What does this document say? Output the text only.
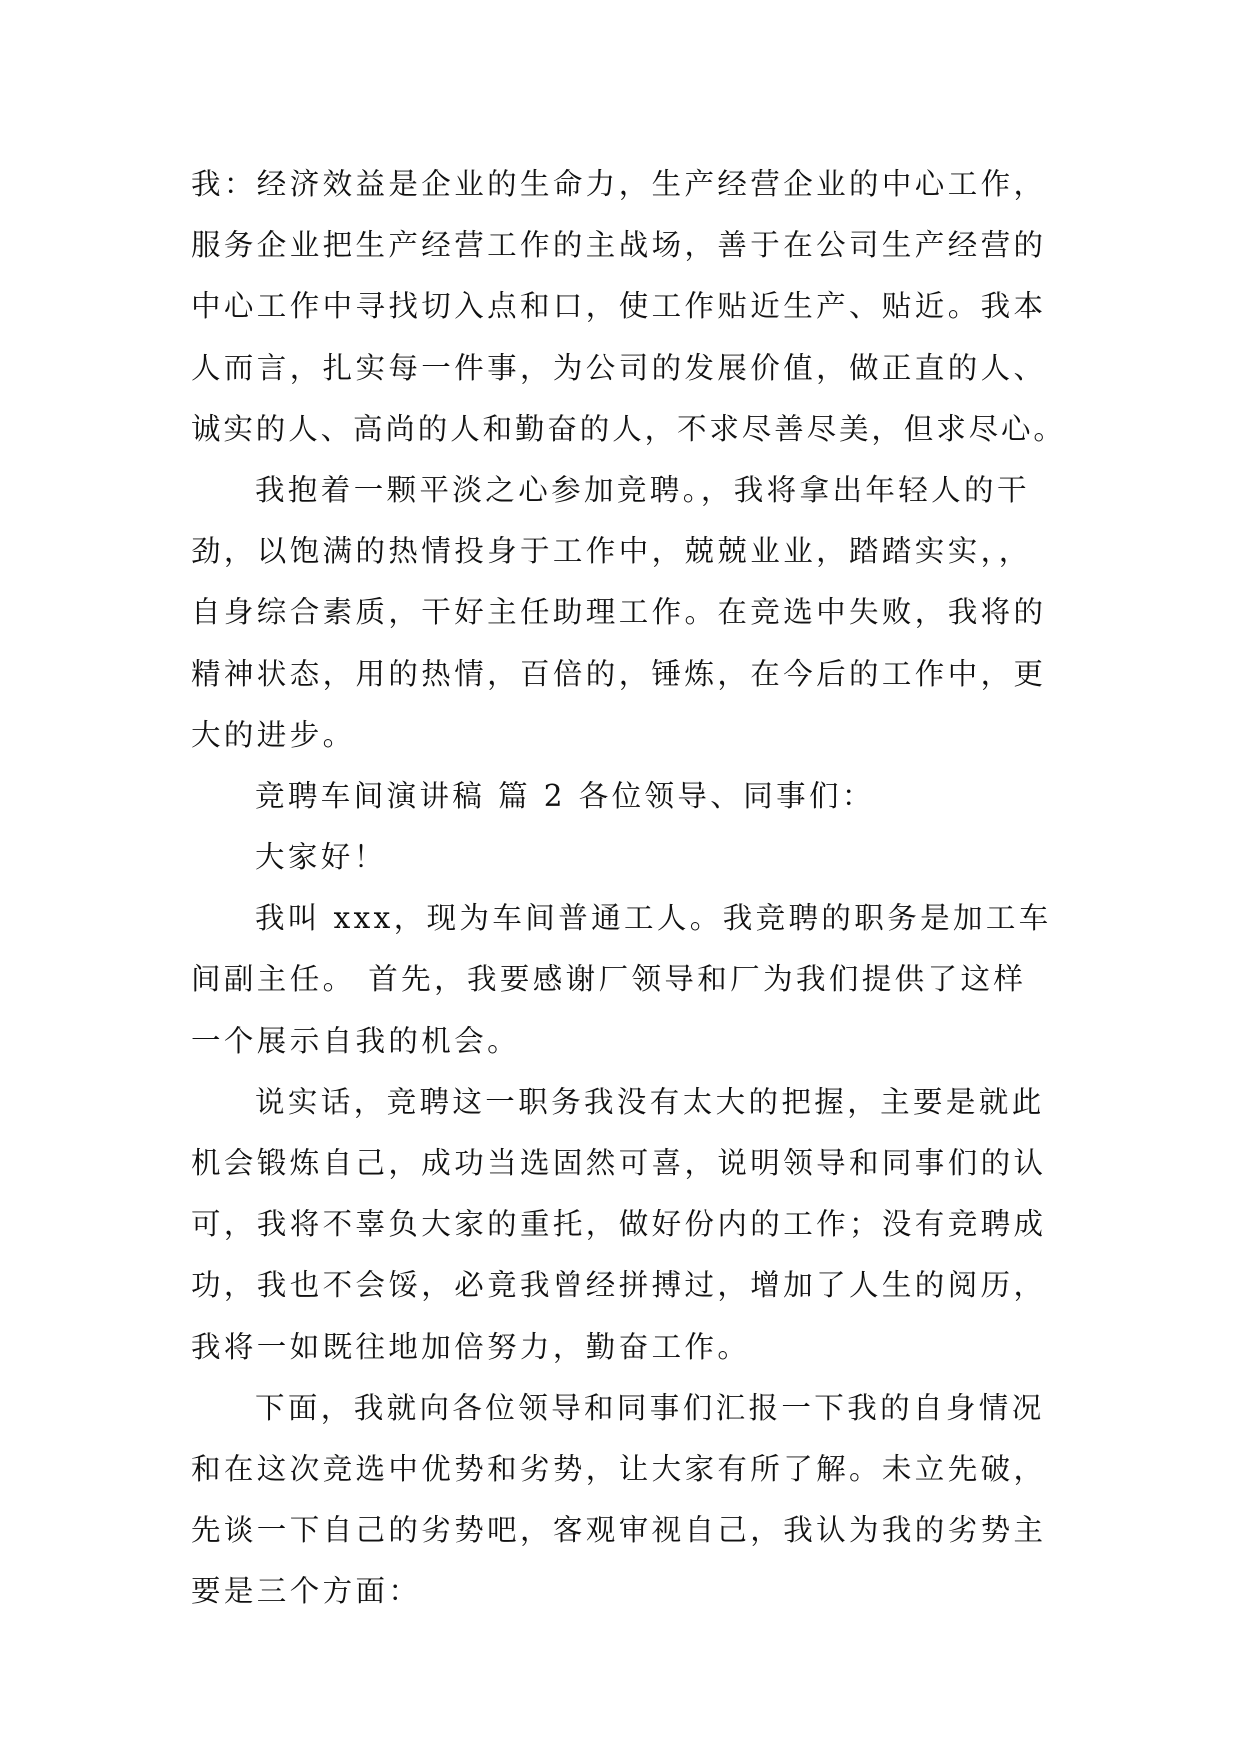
我：经济效益是企业的生命力，生产经营企业的中心工作，
服务企业把生产经营工作的主战场，善于在公司生产经营的
中心工作中寻找切入点和口，使工作贴近生产、贴近。我本
人而言，扎实每一件事，为公司的发展价值，做正直的人、
诚实的人、高尚的人和勤奋的人，不求尽善尽美，但求尽心。
我抱着一颗平淡之心参加竞聘。，我将拿出年轻人的干
劲，以饱满的热情投身于工作中，兢兢业业，踏踏实实，，
自身综合素质，干好主任助理工作。在竞选中失败，我将的
精神状态，用的热情，百倍的，锤炼，在今后的工作中，更
大的进步。
竞聘车间演讲稿 篇 2 各位领导、同事们：
大家好！
我叫 xxx，现为车间普通工人。我竞聘的职务是加工车
间副主任。 首先，我要感谢厂领导和厂为我们提供了这样
一个展示自我的机会。
说实话，竞聘这一职务我没有太大的把握，主要是就此
机会锻炼自己，成功当选固然可喜，说明领导和同事们的认
可，我将不辜负大家的重托，做好份内的工作；没有竞聘成
功，我也不会馁，必竟我曾经拼搏过，增加了人生的阅历，
我将一如既往地加倍努力，勤奋工作。
下面，我就向各位领导和同事们汇报一下我的自身情况
和在这次竞选中优势和劣势，让大家有所了解。未立先破，
先谈一下自己的劣势吧，客观审视自己，我认为我的劣势主
要是三个方面：
